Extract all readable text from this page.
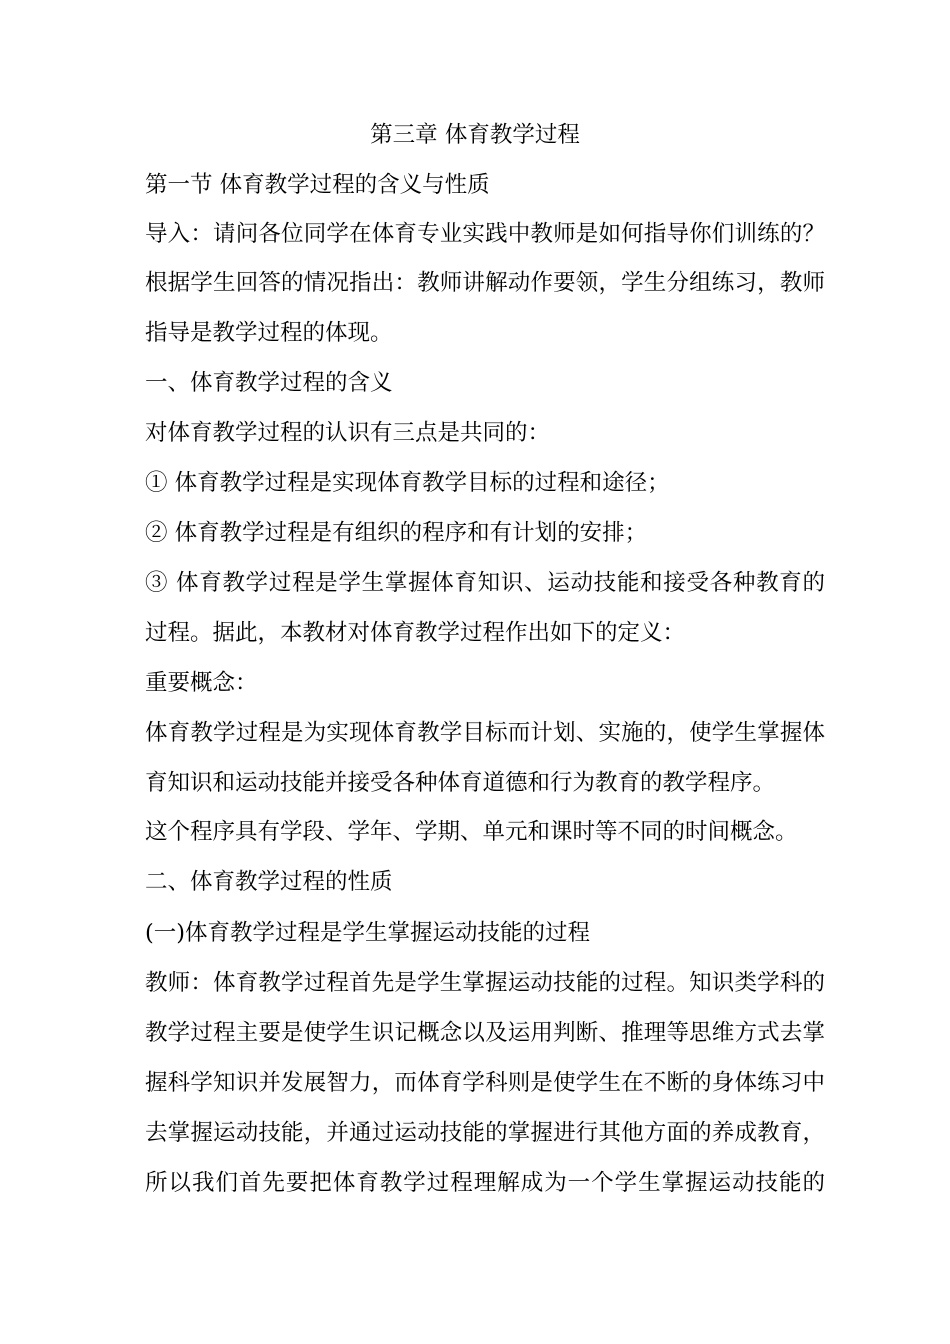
第三章 体育教学过程
第一节 体育教学过程的含义与性质
导入：请问各位同学在体育专业实践中教师是如何指导你们训练的？
根据学生回答的情况指出：教师讲解动作要领，学生分组练习，教师
指导是教学过程的体现。
一、体育教学过程的含义
对体育教学过程的认识有三点是共同的：
① 体育教学过程是实现体育教学目标的过程和途径；
② 体育教学过程是有组织的程序和有计划的安排；
③ 体育教学过程是学生掌握体育知识、运动技能和接受各种教育的
过程。据此，本教材对体育教学过程作出如下的定义：
重要概念：
体育教学过程是为实现体育教学目标而计划、实施的，使学生掌握体
育知识和运动技能并接受各种体育道德和行为教育的教学程序。
这个程序具有学段、学年、学期、单元和课时等不同的时间概念。
二、体育教学过程的性质
(一)体育教学过程是学生掌握运动技能的过程
教师：体育教学过程首先是学生掌握运动技能的过程。知识类学科的
教学过程主要是使学生识记概念以及运用判断、推理等思维方式去掌
握科学知识并发展智力，而体育学科则是使学生在不断的身体练习中
去掌握运动技能，并通过运动技能的掌握进行其他方面的养成教育，
所以我们首先要把体育教学过程理解成为一个学生掌握运动技能的
